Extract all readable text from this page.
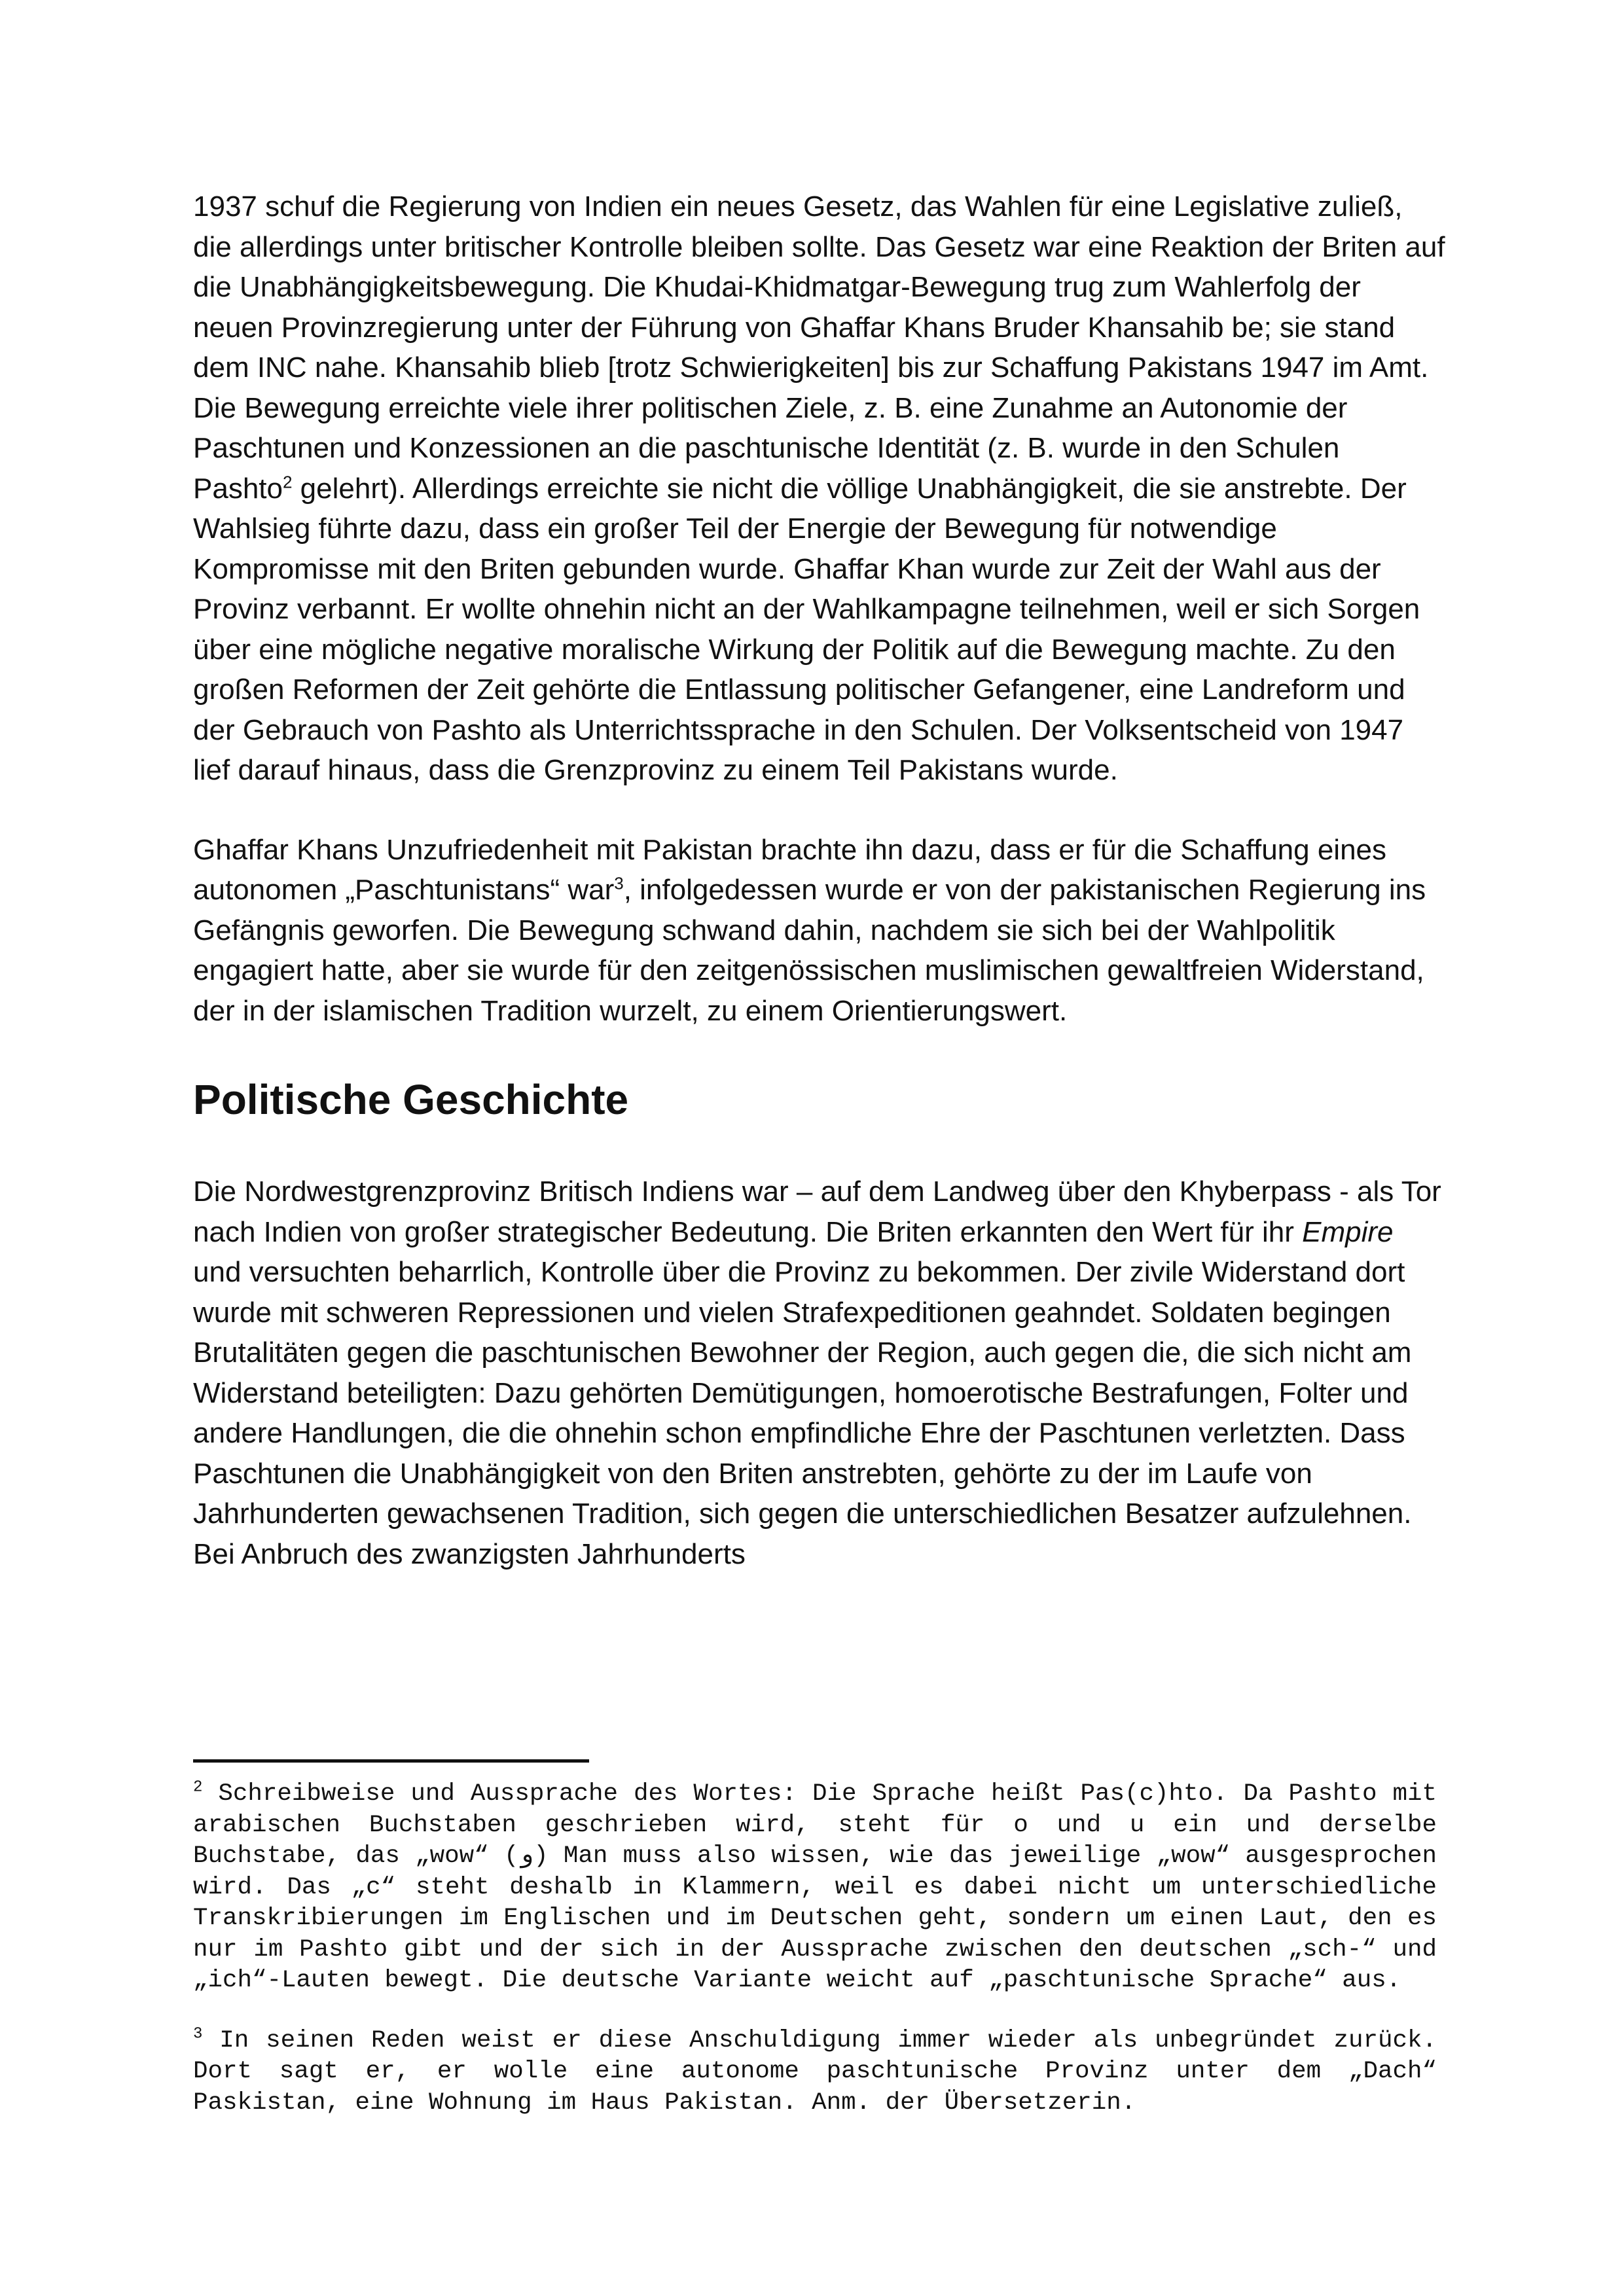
1937 schuf die Regierung von Indien ein neues Gesetz, das Wahlen für eine Legislative zuließ, die allerdings unter britischer Kontrolle bleiben sollte. Das Gesetz war eine Reaktion der Briten auf die Unabhängigkeitsbewegung. Die Khudai-Khidmatgar-Bewegung trug zum Wahlerfolg der neuen Provinzregierung unter der Führung von Ghaffar Khans Bruder Khansahib be; sie stand dem INC nahe. Khansahib blieb [trotz Schwierigkeiten] bis zur Schaffung Pakistans 1947 im Amt. Die Bewegung erreichte viele ihrer politischen Ziele, z. B. eine Zunahme an Autonomie der Paschtunen und Konzessionen an die paschtunische Identität (z. B. wurde in den Schulen Pashto$^2$ gelehrt). Allerdings erreichte sie nicht die völlige Unabhängigkeit, die sie anstrebte. Der Wahlsieg führte dazu, dass ein großer Teil der Energie der Bewegung für notwendige Kompromisse mit den Briten gebunden wurde. Ghaffar Khan wurde zur Zeit der Wahl aus der Provinz verbannt. Er wollte ohnehin nicht an der Wahlkampagne teilnehmen, weil er sich Sorgen über eine mögliche negative moralische Wirkung der Politik auf die Bewegung machte. Zu den großen Reformen der Zeit gehörte die Entlassung politischer Gefangener, eine Landreform und der Gebrauch von Pashto als Unterrichtssprache in den Schulen. Der Volksentscheid von 1947 lief darauf hinaus, dass die Grenzprovinz zu einem Teil Pakistans wurde.

Ghaffar Khans Unzufriedenheit mit Pakistan brachte ihn dazu, dass er für die Schaffung eines autonomen „Paschtunistans“ war$^3$, infolgedessen wurde er von der pakistanischen Regierung ins Gefängnis geworfen. Die Bewegung schwand dahin, nachdem sie sich bei der Wahlpolitik engagiert hatte, aber sie wurde für den zeitgenössischen muslimischen gewaltfreien Widerstand, der in der islamischen Tradition wurzelt, zu einem Orientierungswert.

Politische Geschichte

Die Nordwestgrenzprovinz Britisch Indiens war – auf dem Landweg über den Khyberpass - als Tor nach Indien von großer strategischer Bedeutung. Die Briten erkannten den Wert für ihr Empire und versuchten beharrlich, Kontrolle über die Provinz zu bekommen. Der zivile Widerstand dort wurde mit schweren Repressionen und vielen Strafexpeditionen geahndet. Soldaten begingen Brutalitäten gegen die paschtunischen Bewohner der Region, auch gegen die, die sich nicht am Widerstand beteiligten: Dazu gehörten Demütigungen, homoerotische Bestrafungen, Folter und andere Handlungen, die die ohnehin schon empfindliche Ehre der Paschtunen verletzten. Dass Paschtunen die Unabhängigkeit von den Briten anstrebten, gehörte zu der im Laufe von Jahrhunderten gewachsenen Tradition, sich gegen die unterschiedlichen Besatzer aufzulehnen. Bei Anbruch des zwanzigsten Jahrhunderts

$^2$ Schreibweise und Aussprache des Wortes: Die Sprache heißt Pas(c)hto. Da Pashto mit arabischen Buchstaben geschrieben wird, steht für o und u ein und derselbe Buchstabe, das „wow“ (و) Man muss also wissen, wie das jeweilige „wow“ ausgesprochen wird. Das „c“ steht deshalb in Klammern, weil es dabei nicht um unterschiedliche Transkribierungen im Englischen und im Deutschen geht, sondern um einen Laut, den es nur im Pashto gibt und der sich in der Aussprache zwischen den deutschen „sch-“ und „ich“-Lauten bewegt. Die deutsche Variante weicht auf „paschtunische Sprache“ aus.

$^3$ In seinen Reden weist er diese Anschuldigung immer wieder als unbegründet zurück. Dort sagt er, er wolle eine autonome paschtunische Provinz unter dem „Dach“ Paskistan, eine Wohnung im Haus Pakistan. Anm. der Übersetzerin.
